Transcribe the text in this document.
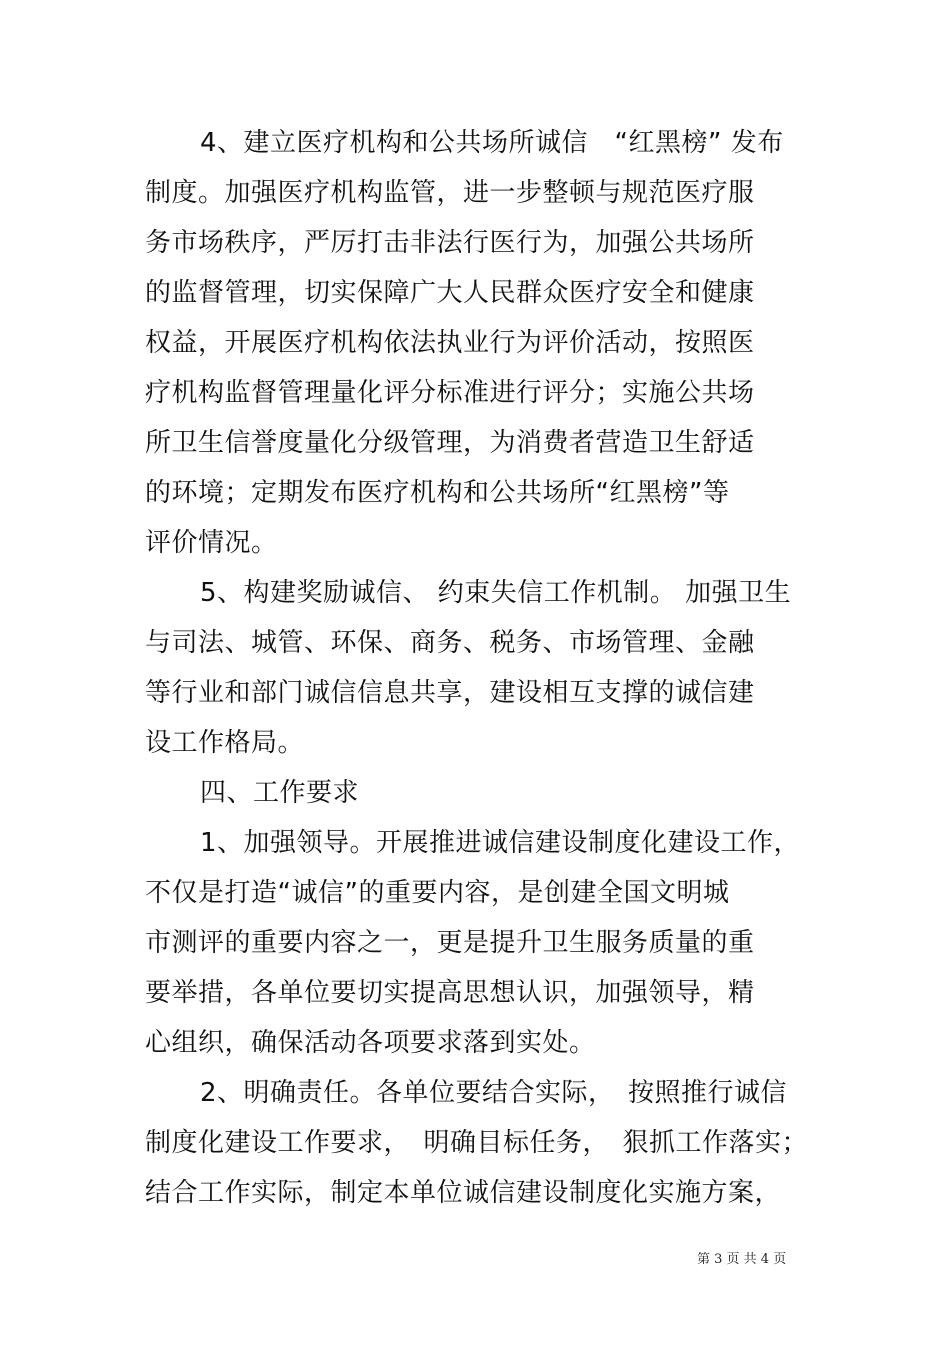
4、建立医疗机构和公共场所诚信　“红黑榜” 发布
制度。加强医疗机构监管，进一步整顿与规范医疗服
务市场秩序，严厉打击非法行医行为，加强公共场所
的监督管理，切实保障广大人民群众医疗安全和健康
权益，开展医疗机构依法执业行为评价活动，按照医
疗机构监督管理量化评分标准进行评分；实施公共场
所卫生信誉度量化分级管理，为消费者营造卫生舒适
的环境；定期发布医疗机构和公共场所“红黑榜”等
评价情况。
5、构建奖励诚信、 约束失信工作机制。 加强卫生
与司法、城管、环保、商务、税务、市场管理、金融
等行业和部门诚信信息共享，建设相互支撑的诚信建
设工作格局。
四、工作要求
1、加强领导。开展推进诚信建设制度化建设工作，
不仅是打造“诚信”的重要内容，是创建全国文明城
市测评的重要内容之一，更是提升卫生服务质量的重
要举措，各单位要切实提高思想认识，加强领导，精
心组织，确保活动各项要求落到实处。
2、明确责任。各单位要结合实际，　按照推行诚信
制度化建设工作要求，　明确目标任务，　狠抓工作落实；
结合工作实际，制定本单位诚信建设制度化实施方案，
第 3 页 共 4 页
